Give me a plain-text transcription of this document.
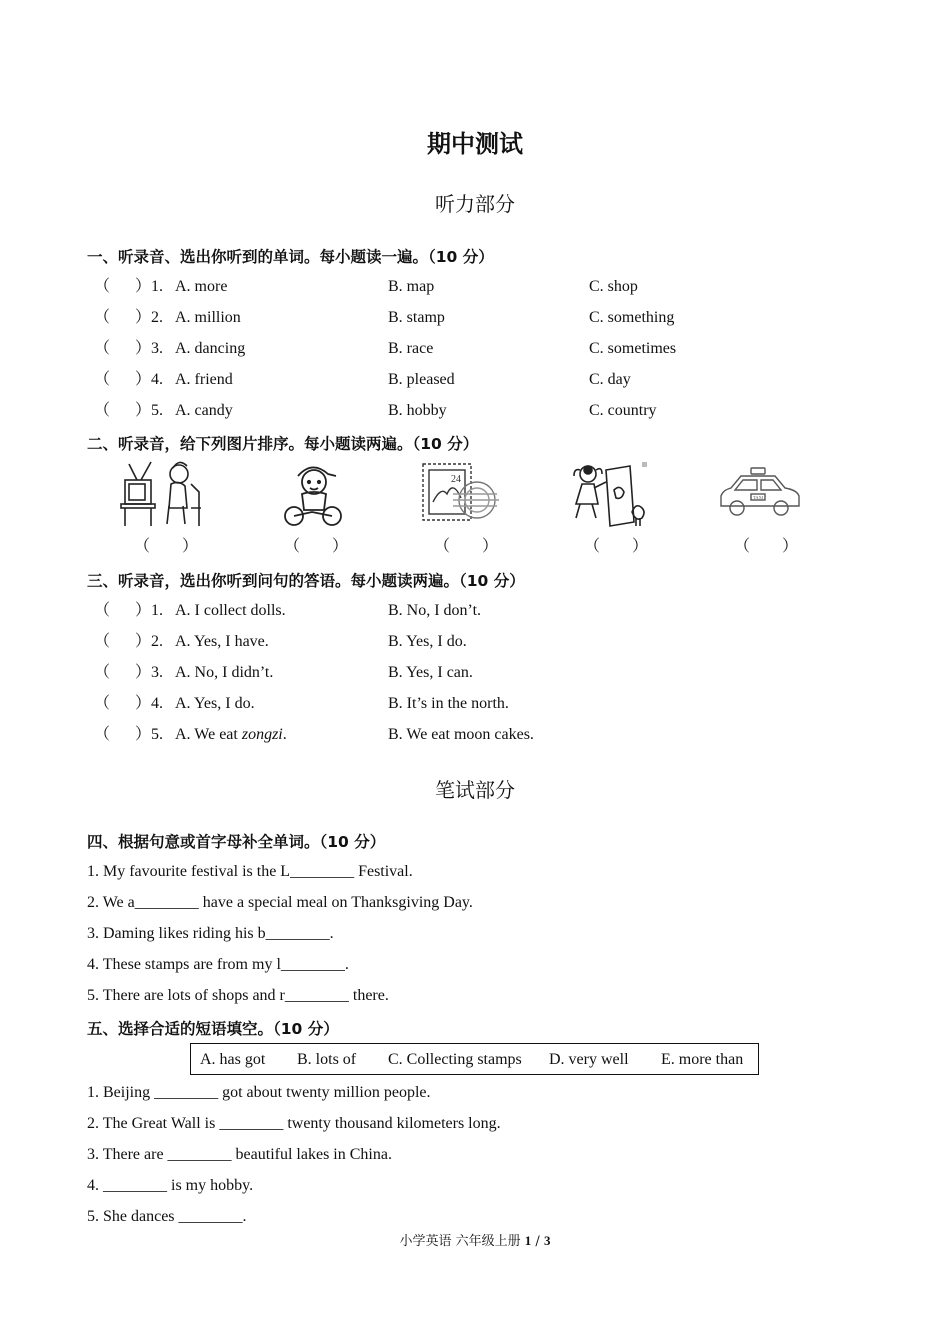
期中测试
听力部分
一、听录音、选出你听到的单词。每小题读一遍。（10 分）
（ ）1. A. more	B. map	C. shop
（ ）2. A. million	B. stamp	C. something
（ ）3. A. dancing	B. race	C. sometimes
（ ）4. A. friend	B. pleased	C. day
（ ）5. A. candy	B. hobby	C. country
二、听录音，给下列图片排序。每小题读两遍。（10 分）
24
TAXI
（　　）	（　　）	（　　）	（　　）	（　　）
三、听录音，选出你听到问句的答语。每小题读两遍。（10 分）
（ ）1. A. I collect dolls.	B. No, I don’t.
（ ）2. A. Yes, I have.	B. Yes, I do.
（ ）3. A. No, I didn’t.	B. Yes, I can.
（ ）4. A. Yes, I do.	B. It’s in the north.
（ ）5. A. We eat zongzi.	B. We eat moon cakes.
笔试部分
四、根据句意或首字母补全单词。（10 分）
1. My favourite festival is the L________ Festival.
2. We a________ have a special meal on Thanksgiving Day.
3. Daming likes riding his b________.
4. These stamps are from my l________.
5. There are lots of shops and r________ there.
五、选择合适的短语填空。（10 分）
A. has got B. lots of C. Collecting stamps D. very well E. more than
1. Beijing ________ got about twenty million people.
2. The Great Wall is ________ twenty thousand kilometers long.
3. There are ________ beautiful lakes in China.
4. ________ is my hobby.
5. She dances ________.
小学英语 六年级上册 1 / 3
